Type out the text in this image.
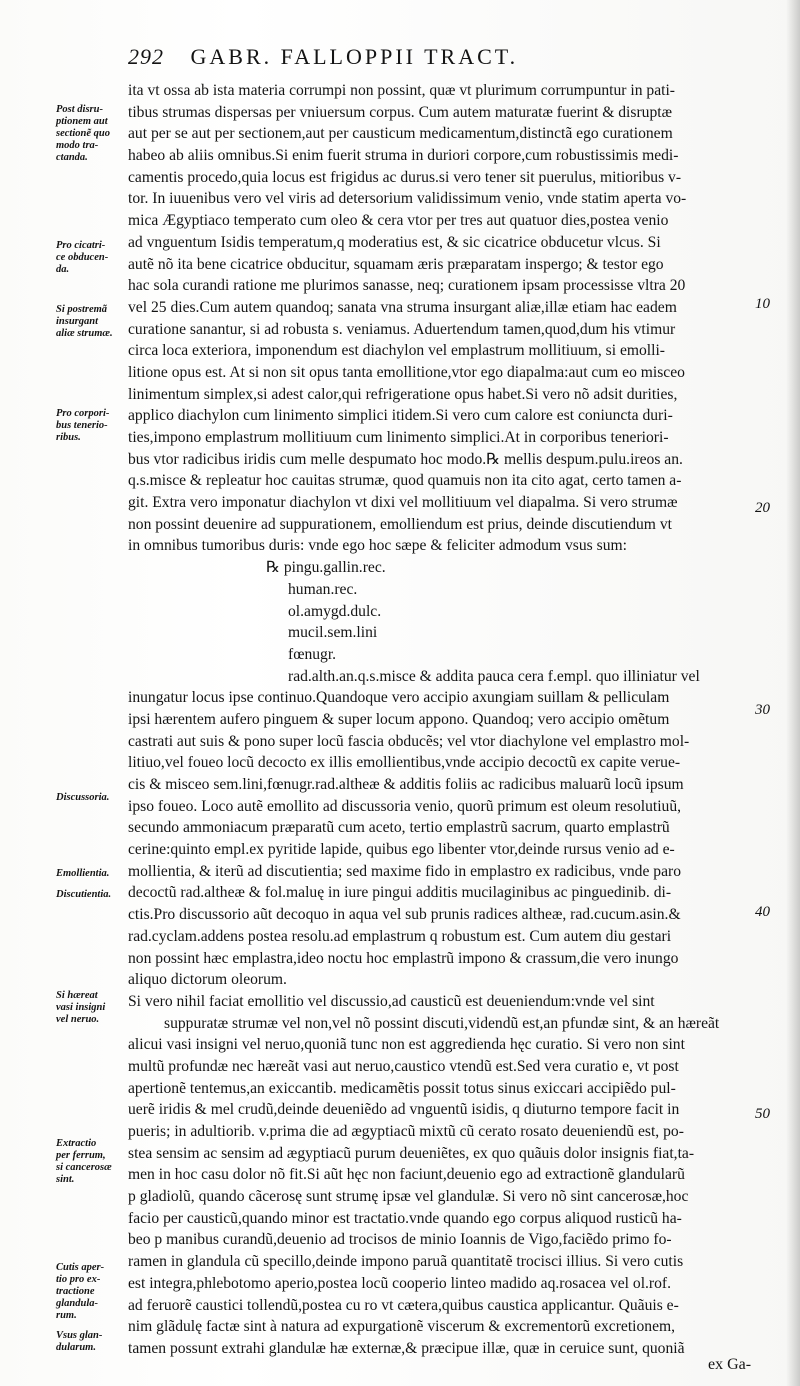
292 GABR. FALLOPPII TRACT.
Post disru-
ptionem aut
sectionẽ quo
modo tra-
ctanda.
Pro cicatri-
ce obducen-
da.
Si postremã
insurgant
aliæ strumæ.
Pro corpori-
bus tenerio-
ribus.
Discussoria.
Emollientia.
Discutientia.
Si hæreat
vasi insigni
vel neruo.
Extractio
per ferrum,
si cancerosæ
sint.
Cutis aper-
tio pro ex-
tractione
glandula-
rum.
Vsus glan-
dularum.
10
20
30
40
50
ita vt ossa ab ista materia corrumpi non possint, quæ vt plurimum corrumpuntur in pati-
tibus strumas dispersas per vniuersum corpus. Cum autem maturatæ fuerint & disruptæ
aut per se aut per sectionem,aut per causticum medicamentum,distinctã ego curationem
habeo ab aliis omnibus.Si enim fuerit struma in duriori corpore,cum robustissimis medi-
camentis procedo,quia locus est frigidus ac durus.si vero tener sit puerulus, mitioribus v-
tor. In iuuenibus vero vel viris ad detersorium validissimum venio, vnde statim aperta vo-
mica Ægyptiaco temperato cum oleo & cera vtor per tres aut quatuor dies,postea venio
ad vnguentum Isidis temperatum,q moderatius est, & sic cicatrice obducetur vlcus. Si
autẽ nõ ita bene cicatrice obducitur, squamam æris præparatam inspergo; & testor ego
hac sola curandi ratione me plurimos sanasse, neq; curationem ipsam processisse vltra 20
vel 25 dies.Cum autem quandoq; sanata vna struma insurgant aliæ,illæ etiam hac eadem
curatione sanantur, si ad robusta s. veniamus. Aduertendum tamen,quod,dum his vtimur
circa loca exteriora, imponendum est diachylon vel emplastrum mollitiuum, si emolli-
litione opus est. At si non sit opus tanta emollitione,vtor ego diapalma:aut cum eo misceo
linimentum simplex,si adest calor,qui refrigeratione opus habet.Si vero nõ adsit durities,
applico diachylon cum linimento simplici itidem.Si vero cum calore est coniuncta duri-
ties,impono emplastrum mollitiuum cum linimento simplici.At in corporibus teneriori-
bus vtor radicibus iridis cum melle despumato hoc modo.℞ mellis despum.pulu.ireos an.
q.s.misce & repleatur hoc cauitas strumæ, quod quamuis non ita cito agat, certo tamen a-
git. Extra vero imponatur diachylon vt dixi vel mollitiuum vel diapalma. Si vero strumæ
non possint deuenire ad suppurationem, emolliendum est prius, deinde discutiendum vt
in omnibus tumoribus duris: vnde ego hoc sæpe & feliciter admodum vsus sum:
℞ pingu.gallin.rec.
human.rec.
ol.amygd.dulc.
mucil.sem.lini
fœnugr.
rad.alth.an.q.s.misce & addita pauca cera f.empl. quo illiniatur vel
inungatur locus ipse continuo.Quandoque vero accipio axungiam suillam & pelliculam
ipsi hærentem aufero pinguem & super locum appono. Quandoq; vero accipio omẽtum
castrati aut suis & pono super locũ fascia obducẽs; vel vtor diachylone vel emplastro mol-
litiuo,vel foueo locũ decocto ex illis emollientibus,vnde accipio decoctũ ex capite verue-
cis & misceo sem.lini,fœnugr.rad.altheæ & additis foliis ac radicibus maluarũ locũ ipsum
ipso foueo. Loco autẽ emollito ad discussoria venio, quorũ primum est oleum resolutiuũ,
secundo ammoniacum præparatũ cum aceto, tertio emplastrũ sacrum, quarto emplastrũ
cerine:quinto empl.ex pyritide lapide, quibus ego libenter vtor,deinde rursus venio ad e-
mollientia, & iterũ ad discutientia; sed maxime fido in emplastro ex radicibus, vnde paro
decoctũ rad.altheæ & fol.maluę in iure pingui additis mucilaginibus ac pinguedinib. di-
ctis.Pro discussorio aũt decoquo in aqua vel sub prunis radices altheæ, rad.cucum.asin.&
rad.cyclam.addens postea resolu.ad emplastrum q robustum est. Cum autem diu gestari
non possint hæc emplastra,ideo noctu hoc emplastrũ impono & crassum,die vero inungo
aliquo dictorum oleorum.
Si vero nihil faciat emollitio vel discussio,ad causticũ est deueniendum:vnde vel sint
suppuratæ strumæ vel non,vel nõ possint discuti,videndũ est,an pfundæ sint, & an hæreãt
alicui vasi insigni vel neruo,quoniã tunc non est aggredienda hęc curatio. Si vero non sint
multũ profundæ nec hæreãt vasi aut neruo,caustico vtendũ est.Sed vera curatio e, vt post
apertionẽ tentemus,an exiccantib. medicamẽtis possit totus sinus exiccari accipiẽdo pul-
uerẽ iridis & mel crudũ,deinde deueniẽdo ad vnguentũ isidis, q diuturno tempore facit in
pueris; in adultiorib. v.prima die ad ægyptiacũ mixtũ cũ cerato rosato deueniendũ est, po-
stea sensim ac sensim ad ægyptiacũ purum deueniẽtes, ex quo quãuis dolor insignis fiat,ta-
men in hoc casu dolor nõ fit.Si aũt hęc non faciunt,deuenio ego ad extractionẽ glandularũ
p gladiolũ, quando cãcerosę sunt strumę ipsæ vel glandulæ. Si vero nõ sint cancerosæ,hoc
facio per causticũ,quando minor est tractatio.vnde quando ego corpus aliquod rusticũ ha-
beo p manibus curandũ,deuenio ad trocisos de minio Ioannis de Vigo,faciẽdo primo fo-
ramen in glandula cũ specillo,deinde impono paruã quantitatẽ trocisci illius. Si vero cutis
est integra,phlebotomo aperio,postea locũ cooperio linteo madido aq.rosacea vel ol.rof.
ad feruorẽ caustici tollendũ,postea cu ro vt cætera,quibus caustica applicantur. Quãuis e-
nim glãdulę factæ sint à natura ad expurgationẽ viscerum & excrementorũ excretionem,
tamen possunt extrahi glandulæ hæ externæ,& præcipue illæ, quæ in ceruice sunt, quoniã
ex Ga-
